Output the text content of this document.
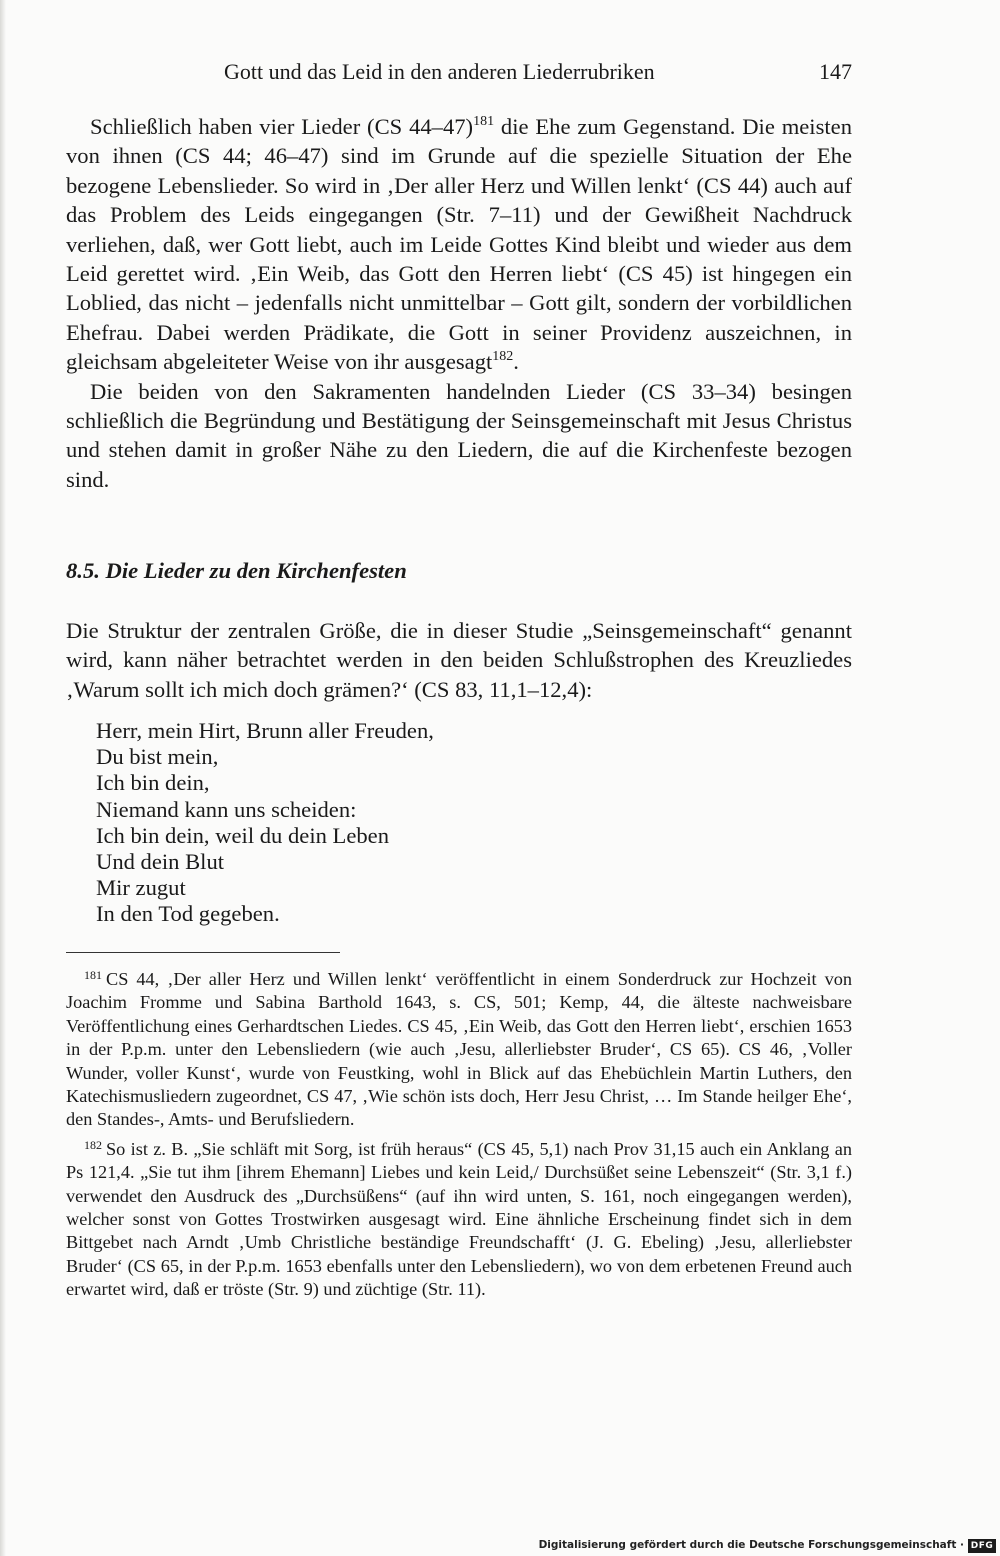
Gott und das Leid in den anderen Liederrubriken	147

Schließlich haben vier Lieder (CS 44–47)$^{181}$ die Ehe zum Gegenstand. Die meisten von ihnen (CS 44; 46–47) sind im Grunde auf die spezielle Situation der Ehe bezogene Lebenslieder. So wird in ‚Der aller Herz und Willen lenkt‘ (CS 44) auch auf das Problem des Leids eingegangen (Str. 7–11) und der Gewißheit Nachdruck verliehen, daß, wer Gott liebt, auch im Leide Gottes Kind bleibt und wieder aus dem Leid gerettet wird. ‚Ein Weib, das Gott den Herren liebt‘ (CS 45) ist hingegen ein Loblied, das nicht – jedenfalls nicht unmittelbar – Gott gilt, sondern der vorbildlichen Ehefrau. Dabei werden Prädikate, die Gott in seiner Providenz auszeichnen, in gleichsam abgeleiteter Weise von ihr ausgesagt$^{182}$.

Die beiden von den Sakramenten handelnden Lieder (CS 33–34) besingen schließlich die Begründung und Bestätigung der Seinsgemeinschaft mit Jesus Christus und stehen damit in großer Nähe zu den Liedern, die auf die Kirchenfeste bezogen sind.

8.5. Die Lieder zu den Kirchenfesten

Die Struktur der zentralen Größe, die in dieser Studie „Seinsgemeinschaft“ genannt wird, kann näher betrachtet werden in den beiden Schlußstrophen des Kreuzliedes ‚Warum sollt ich mich doch grämen?‘ (CS 83, 11,1–12,4):

Herr, mein Hirt, Brunn aller Freuden,
Du bist mein,
Ich bin dein,
Niemand kann uns scheiden:
Ich bin dein, weil du dein Leben
Und dein Blut
Mir zugut
In den Tod gegeben.

$^{181}$ CS 44, ‚Der aller Herz und Willen lenkt‘ veröffentlicht in einem Sonderdruck zur Hochzeit von Joachim Fromme und Sabina Barthold 1643, s. CS, 501; Kemp, 44, die älteste nachweisbare Veröffentlichung eines Gerhardtschen Liedes. CS 45, ‚Ein Weib, das Gott den Herren liebt‘, erschien 1653 in der P.p.m. unter den Lebensliedern (wie auch ‚Jesu, allerliebster Bruder‘, CS 65). CS 46, ‚Voller Wunder, voller Kunst‘, wurde von Feustking, wohl in Blick auf das Ehebüchlein Martin Luthers, den Katechismusliedern zugeordnet, CS 47, ‚Wie schön ists doch, Herr Jesu Christ, … Im Stande heilger Ehe‘, den Standes-, Amts- und Berufsliedern.

$^{182}$ So ist z. B. „Sie schläft mit Sorg, ist früh heraus“ (CS 45, 5,1) nach Prov 31,15 auch ein Anklang an Ps 121,4. „Sie tut ihm [ihrem Ehemann] Liebes und kein Leid,/ Durchsüßet seine Lebenszeit“ (Str. 3,1 f.) verwendet den Ausdruck des „Durchsüßens“ (auf ihn wird unten, S. 161, noch eingegangen werden), welcher sonst von Gottes Trostwirken ausgesagt wird. Eine ähnliche Erscheinung findet sich in dem Bittgebet nach Arndt ‚Umb Christliche beständige Freundschafft‘ (J. G. Ebeling) ‚Jesu, allerliebster Bruder‘ (CS 65, in der P.p.m. 1653 ebenfalls unter den Lebensliedern), wo von dem erbetenen Freund auch erwartet wird, daß er tröste (Str. 9) und züchtige (Str. 11).

Digitalisierung gefördert durch die Deutsche Forschungsgemeinschaft · DFG
